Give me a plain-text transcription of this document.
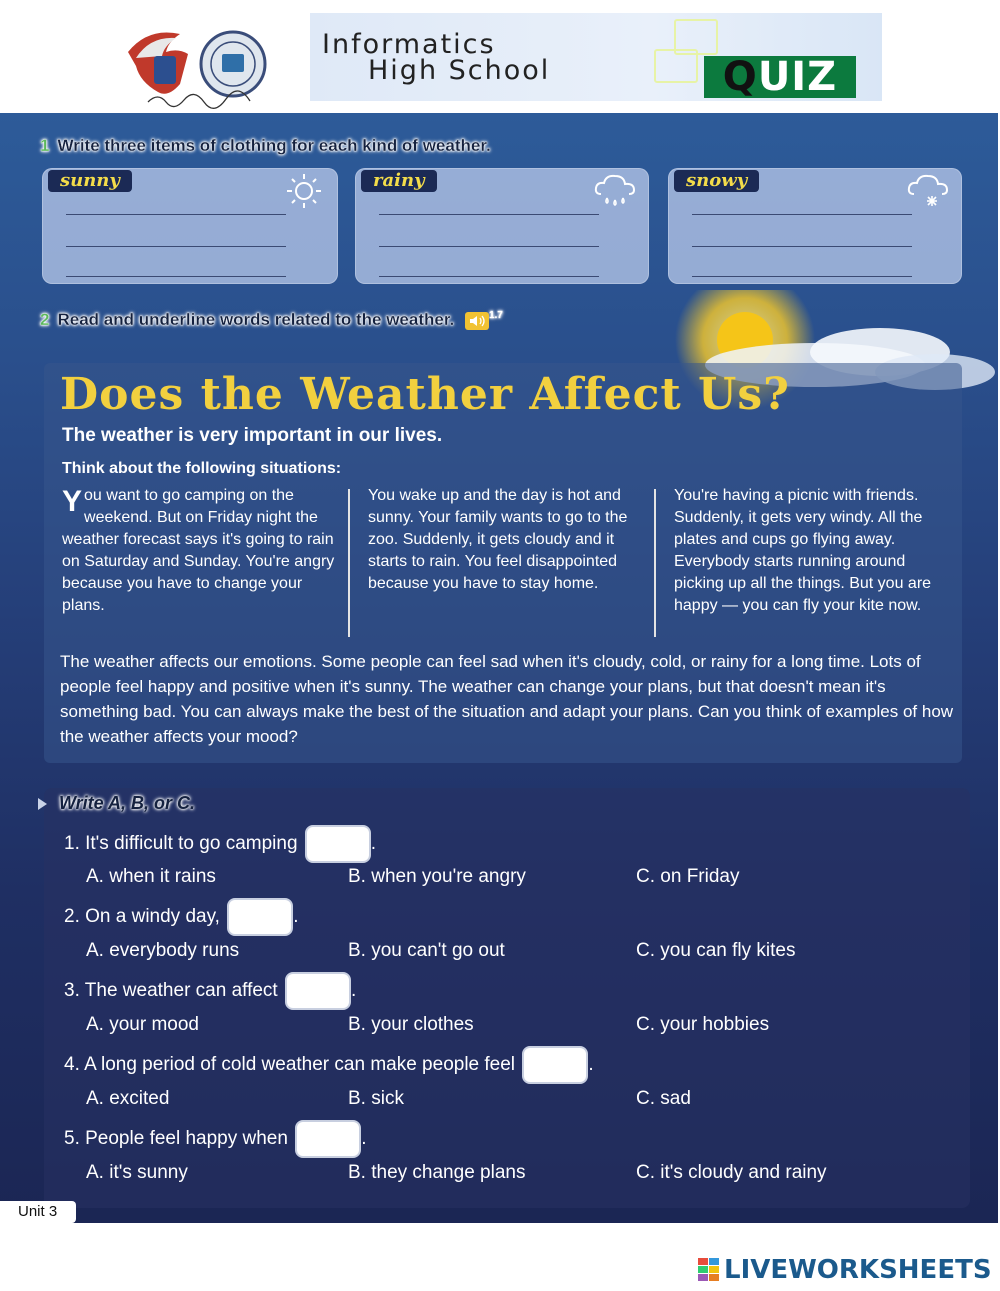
Informatics
High School	QUIZ
1 Write three items of clothing for each kind of weather.
sunny	rainy	snowy
2 Read and underline words related to the weather.	$^{1.7}$
Does the Weather Affect Us?
The weather is very important in our lives.
Think about the following situations:
You want to go camping on the weekend. But on Friday night the weather forecast says it's going to rain on Saturday and Sunday. You're angry because you have to change your plans.
You wake up and the day is hot and sunny. Your family wants to go to the zoo. Suddenly, it gets cloudy and it starts to rain. You feel disappointed because you have to stay home.
You're having a picnic with friends. Suddenly, it gets very windy. All the plates and cups go flying away. Everybody starts running around picking up all the things. But you are happy — you can fly your kite now.
The weather affects our emotions. Some people can feel sad when it's cloudy, cold, or rainy for a long time. Lots of people feel happy and positive when it's sunny. The weather can change your plans, but that doesn't mean it's something bad. You can always make the best of the situation and adapt your plans. Can you think of examples of how the weather affects your mood?
Write A, B, or C.
1. It's difficult to go camping	.
A. when it rains	B. when you're angry	C. on Friday
2. On a windy day,	.
A. everybody runs	B. you can't go out	C. you can fly kites
3. The weather can affect	.
A. your mood	B. your clothes	C. your hobbies
4. A long period of cold weather can make people feel	.
A. excited	B. sick	C. sad
5. People feel happy when	.
A. it's sunny	B. they change plans	C. it's cloudy and rainy
Unit 3
LIVEWORKSHEETS
